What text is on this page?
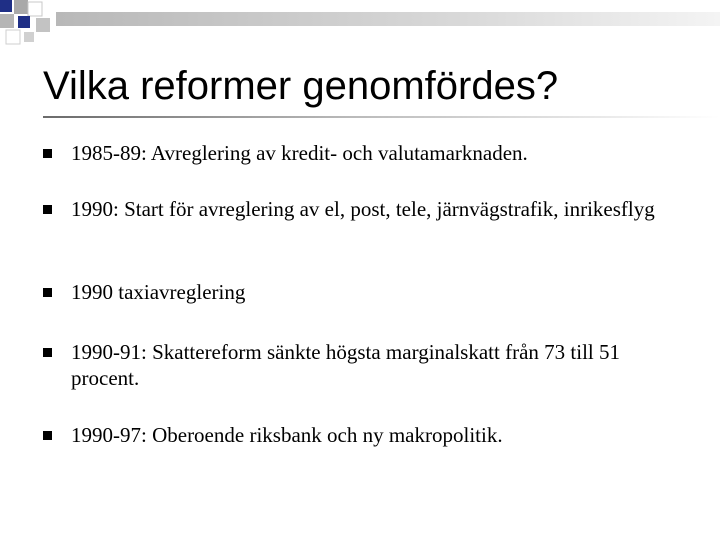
Vilka reformer genomfördes?
1985-89: Avreglering av kredit- och valutamarknaden.
1990: Start för avreglering av el, post, tele, järnvägstrafik, inrikesflyg
1990 taxiavreglering
1990-91: Skattereform sänkte högsta marginalskatt från 73 till 51 procent.
1990-97: Oberoende riksbank och ny makropolitik.
